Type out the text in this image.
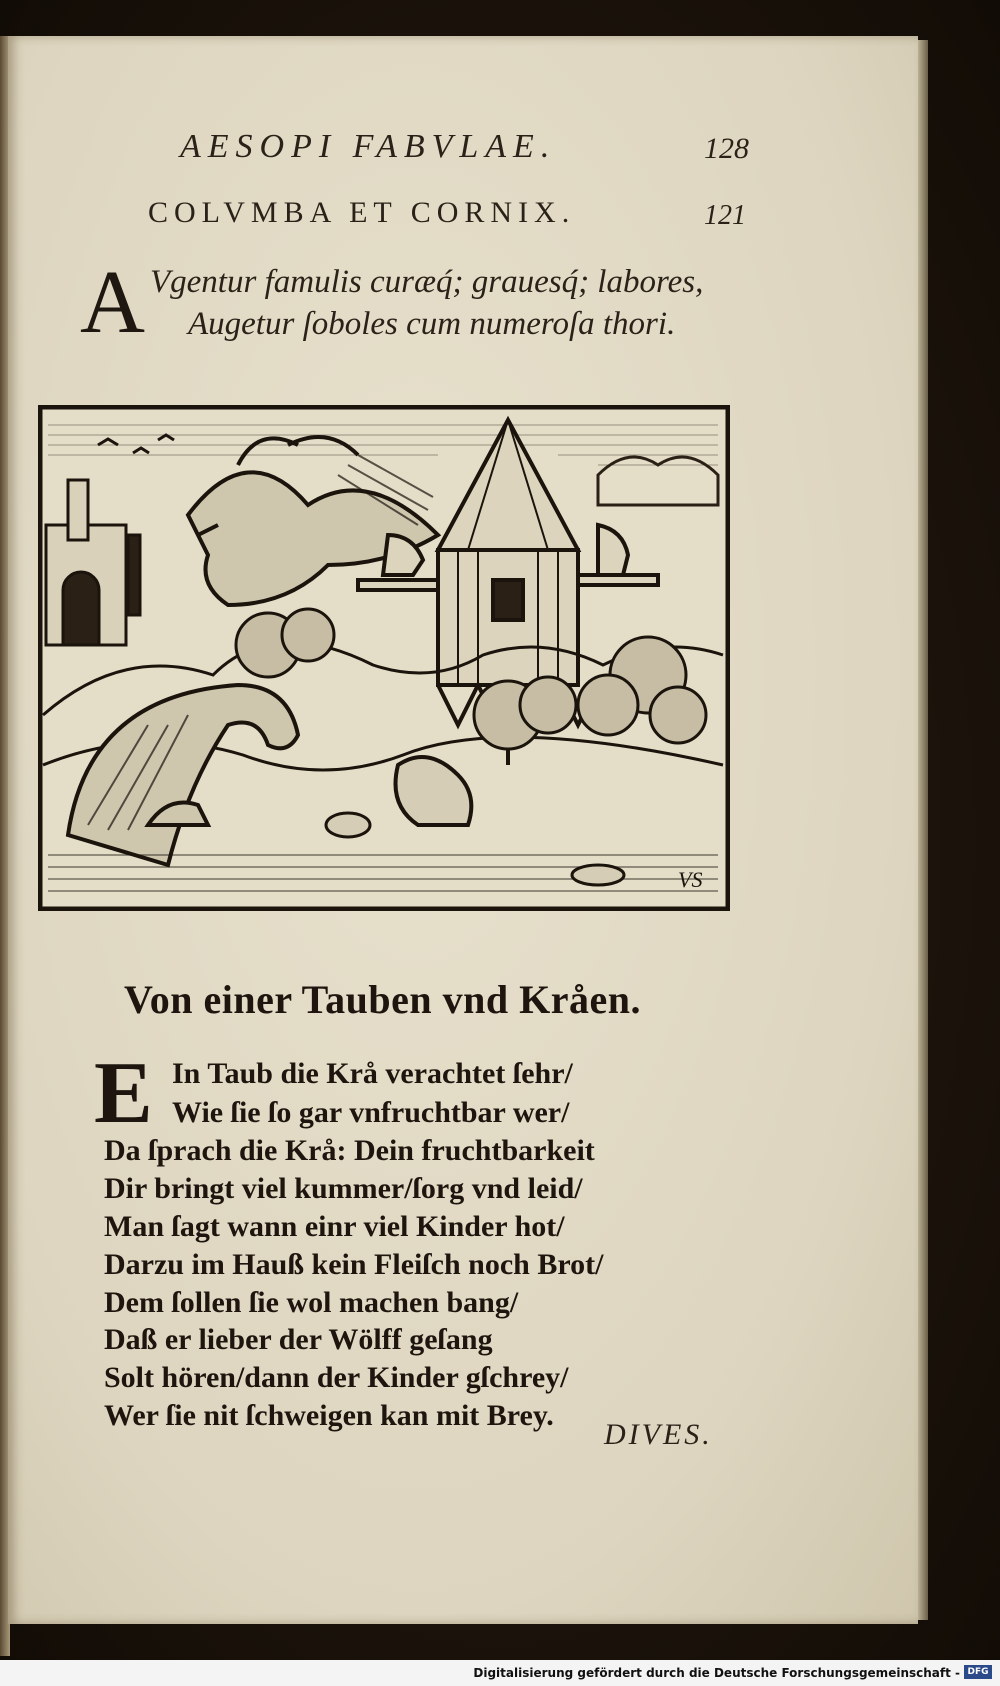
AESOPI FABVLAE.	128
COLVMBA ET CORNIX.	121
A Vgentur famulis curæq́; grauesq́; labores,
Augetur ſoboles cum numeroſa thori.
VS
Von einer Tauben vnd Kråen.
E In Taub die Krå verachtet ſehr/
Wie ſie ſo gar vnfruchtbar wer/
Da ſprach die Krå: Dein fruchtbarkeit
Dir bringt viel kummer/ſorg vnd leid/
Man ſagt wann einr viel Kinder hot/
Darzu im Hauß kein Fleiſch noch Brot/
Dem ſollen ſie wol machen bang/
Daß er lieber der Wölff geſang
Solt hören/dann der Kinder gſchrey/
Wer ſie nit ſchweigen kan mit Brey.
DIVES.
Digitalisierung gefördert durch die Deutsche Forschungsgemeinschaft - DFG
